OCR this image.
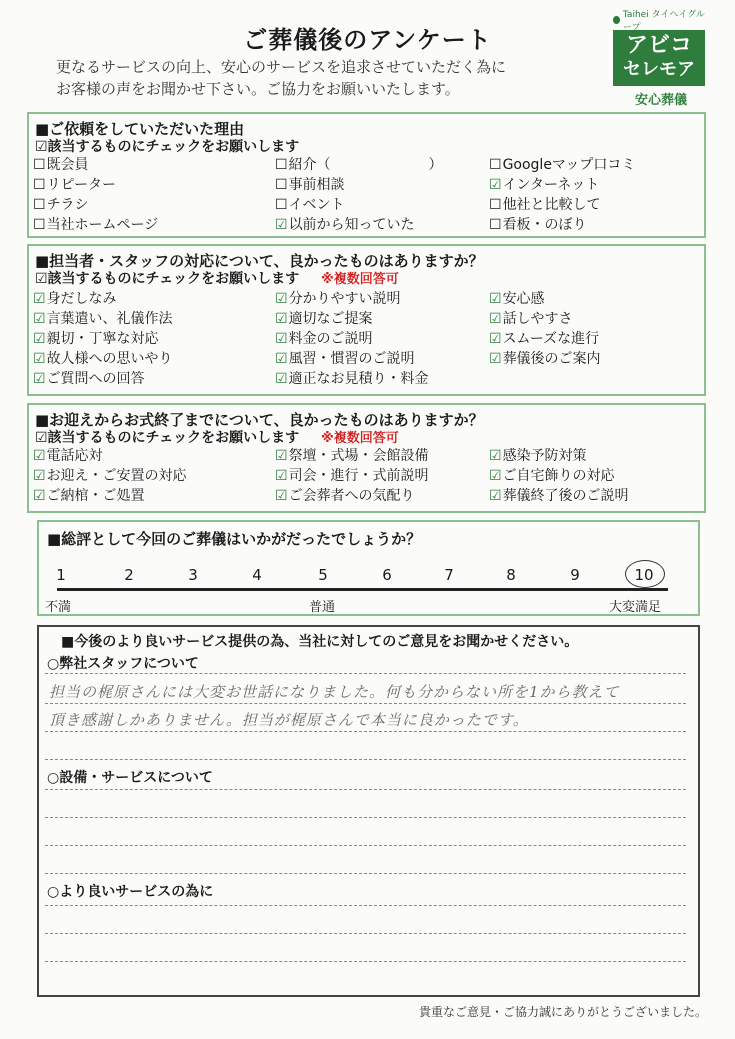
ご葬儀後のアンケート
更なるサービスの向上、安心のサービスを追求させていただく為に
お客様の声をお聞かせ下さい。ご協力をお願いいたします。
Taihei タイヘイグループ
アビコ
セレモア
安心葬儀
■ご依頼をしていただいた理由
☑該当するものにチェックをお願いします
☐既会員	☐紹介（　　　　　　　）	☐Googleマップ口コミ
☐リピーター	☐事前相談	☑インターネット
☐チラシ	☐イベント	☐他社と比較して
☐当社ホームページ	☑以前から知っていた	☐看板・のぼり
■担当者・スタッフの対応について、良かったものはありますか？
☑該当するものにチェックをお願いします ※複数回答可
☑身だしなみ	☑分かりやすい説明	☑安心感
☑言葉遣い、礼儀作法	☑適切なご提案	☑話しやすさ
☑親切・丁寧な対応	☑料金のご説明	☑スムーズな進行
☑故人様への思いやり	☑風習・慣習のご説明	☑葬儀後のご案内
☑ご質問への回答	☑適正なお見積り・料金
■お迎えからお式終了までについて、良かったものはありますか？
☑該当するものにチェックをお願いします ※複数回答可
☑電話応対	☑祭壇・式場・会館設備	☑感染予防対策
☑お迎え・ご安置の対応	☑司会・進行・式前説明	☑ご自宅飾りの対応
☑ご納棺・ご処置	☑ご会葬者への気配り	☑葬儀終了後のご説明
■総評として今回のご葬儀はいかがだったでしょうか？
1	2	3	4	5	6	7	8	9	10
不満	普通	大変満足
■今後のより良いサービス提供の為、当社に対してのご意見をお聞かせください。
○弊社スタッフについて
担当の梶原さんには大変お世話になりました。何も分からない所を1から教えて
頂き感謝しかありません。担当が梶原さんで本当に良かったです。
○設備・サービスについて
○より良いサービスの為に
貴重なご意見・ご協力誠にありがとうございました。
